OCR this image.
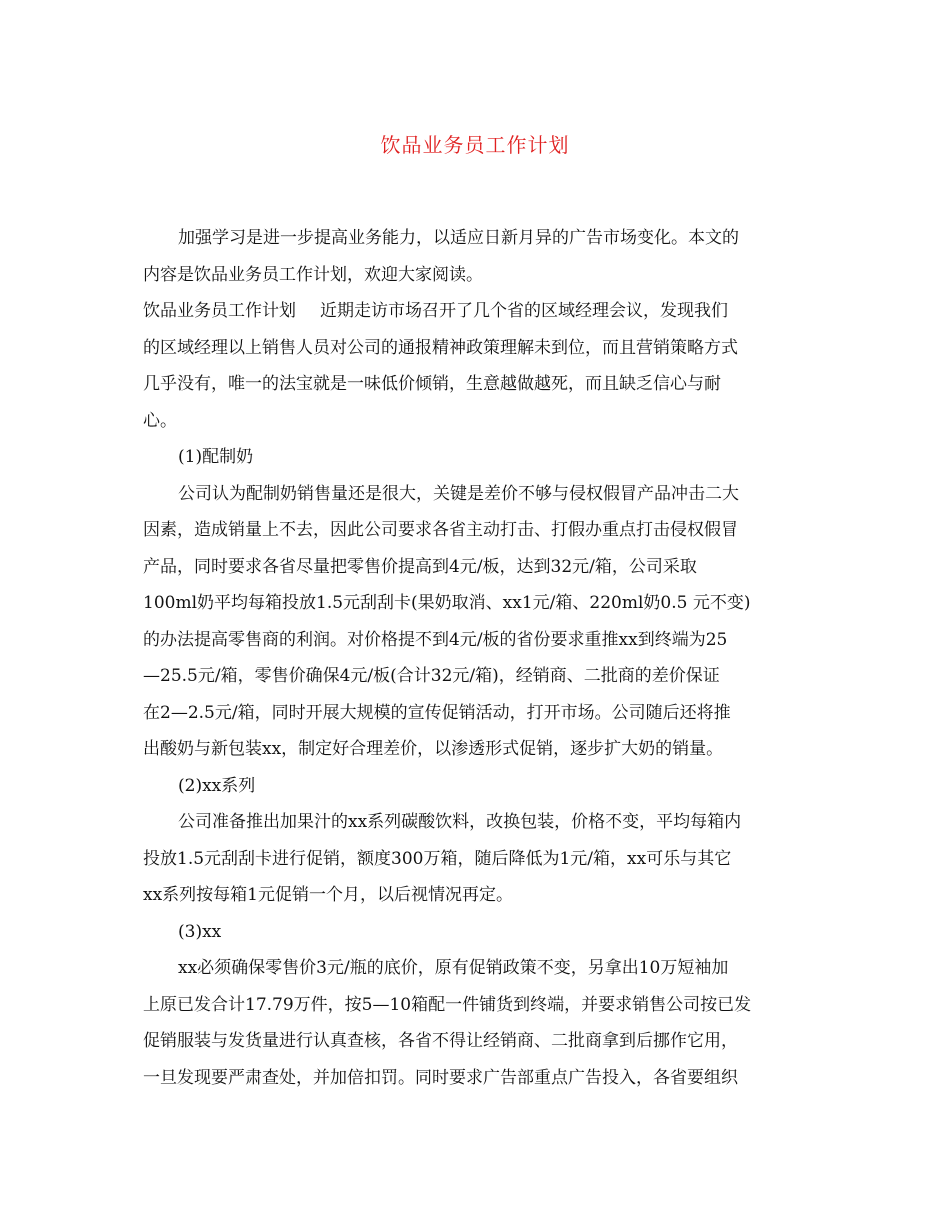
饮品业务员工作计划
加强学习是进一步提高业务能力，以适应日新月异的广告市场变化。本文的
内容是饮品业务员工作计划，欢迎大家阅读。
饮品业务员工作计划 近期走访市场召开了几个省的区域经理会议，发现我们
的区域经理以上销售人员对公司的通报精神政策理解未到位，而且营销策略方式
几乎没有，唯一的法宝就是一味低价倾销，生意越做越死，而且缺乏信心与耐
心。
(1)配制奶
公司认为配制奶销售量还是很大，关键是差价不够与侵权假冒产品冲击二大
因素，造成销量上不去，因此公司要求各省主动打击、打假办重点打击侵权假冒
产品，同时要求各省尽量把零售价提高到4元/板，达到32元/箱，公司采取
100ml奶平均每箱投放1.5元刮刮卡(果奶取消、xx1元/箱、220ml奶0.5 元不变)
的办法提高零售商的利润。对价格提不到4元/板的省份要求重推xx到终端为25
—25.5元/箱，零售价确保4元/板(合计32元/箱)，经销商、二批商的差价保证
在2—2.5元/箱，同时开展大规模的宣传促销活动，打开市场。公司随后还将推
出酸奶与新包装xx，制定好合理差价，以渗透形式促销，逐步扩大奶的销量。
(2)xx系列
公司准备推出加果汁的xx系列碳酸饮料，改换包装，价格不变，平均每箱内
投放1.5元刮刮卡进行促销，额度300万箱，随后降低为1元/箱，xx可乐与其它
xx系列按每箱1元促销一个月，以后视情况再定。
(3)xx
xx必须确保零售价3元/瓶的底价，原有促销政策不变，另拿出10万短袖加
上原已发合计17.79万件，按5—10箱配一件铺货到终端，并要求销售公司按已发
促销服装与发货量进行认真查核，各省不得让经销商、二批商拿到后挪作它用，
一旦发现要严肃查处，并加倍扣罚。同时要求广告部重点广告投入，各省要组织
